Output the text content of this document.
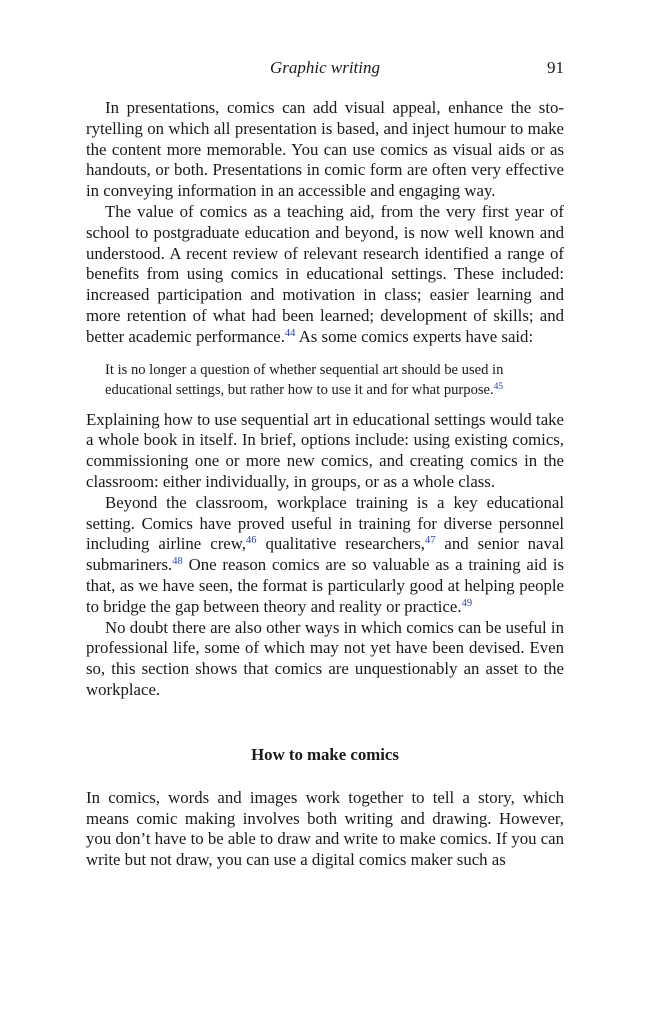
Graphic writing	91

In presentations, comics can add visual appeal, enhance the storytelling on which all presentation is based, and inject humour to make the content more memorable. You can use comics as visual aids or as handouts, or both. Presentations in comic form are often very effective in conveying information in an accessible and engaging way.

The value of comics as a teaching aid, from the very first year of school to postgraduate education and beyond, is now well known and understood. A recent review of relevant research identified a range of benefits from using comics in educational settings. These included: increased participation and motivation in class; easier learning and more retention of what had been learned; development of skills; and better academic performance.$^{44}$ As some comics experts have said:

It is no longer a question of whether sequential art should be used in educational settings, but rather how to use it and for what purpose.$^{45}$

Explaining how to use sequential art in educational settings would take a whole book in itself. In brief, options include: using existing comics, commissioning one or more new comics, and creating comics in the classroom: either individually, in groups, or as a whole class.

Beyond the classroom, workplace training is a key educational setting. Comics have proved useful in training for diverse personnel including airline crew,$^{46}$ qualitative researchers,$^{47}$ and senior naval submariners.$^{48}$ One reason comics are so valuable as a training aid is that, as we have seen, the format is particularly good at helping people to bridge the gap between theory and reality or practice.$^{49}$

No doubt there are also other ways in which comics can be useful in professional life, some of which may not yet have been devised. Even so, this section shows that comics are unquestionably an asset to the workplace.

How to make comics

In comics, words and images work together to tell a story, which means comic making involves both writing and drawing. However, you don’t have to be able to draw and write to make comics. If you can write but not draw, you can use a digital comics maker such as
